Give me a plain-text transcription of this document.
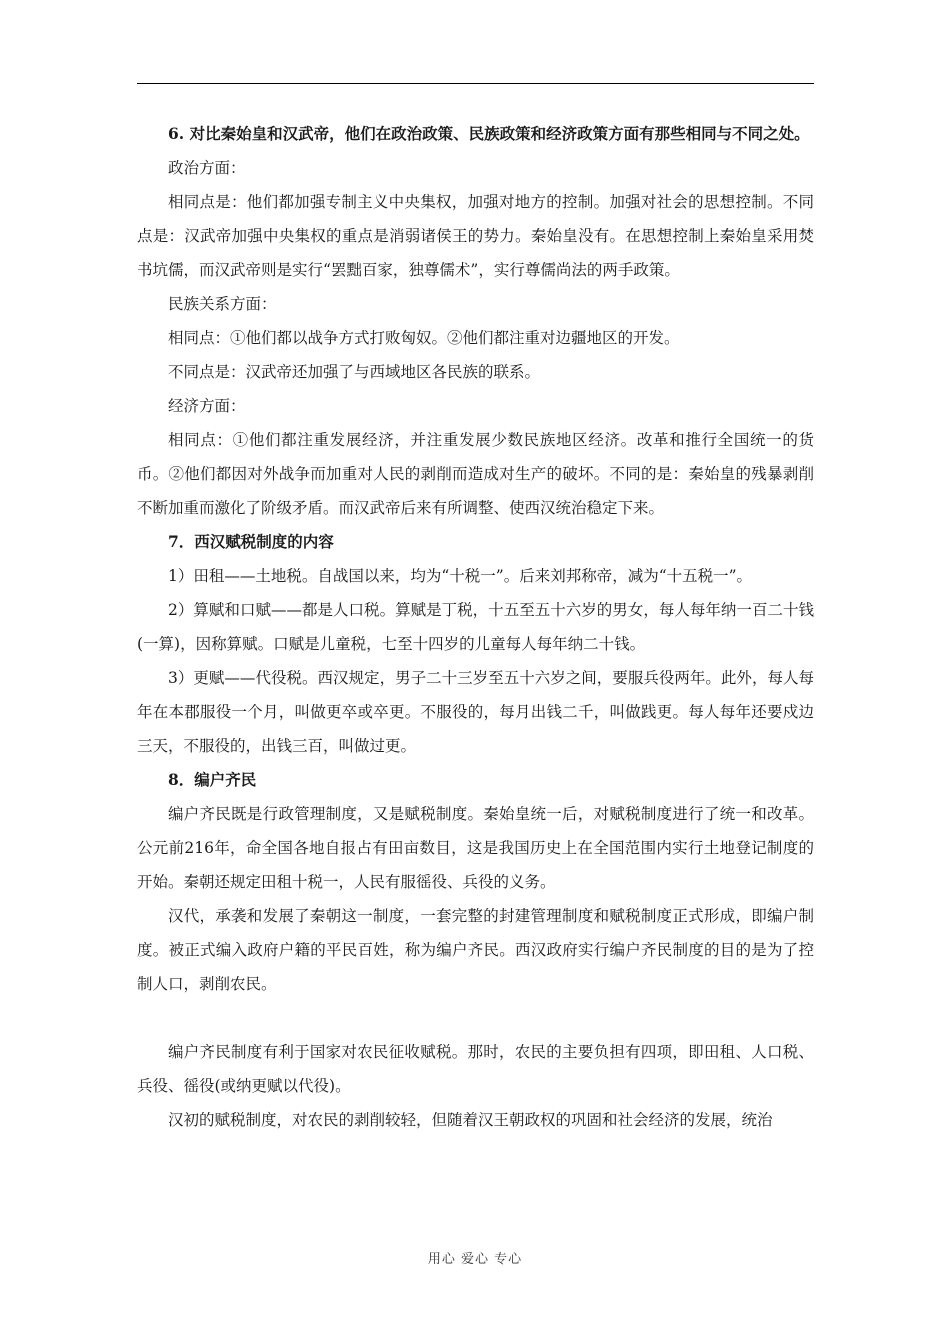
6. 对比秦始皇和汉武帝，他们在政治政策、民族政策和经济政策方面有那些相同与不同之处。

政治方面：

相同点是：他们都加强专制主义中央集权，加强对地方的控制。加强对社会的思想控制。不同点是：汉武帝加强中央集权的重点是消弱诸侯王的势力。秦始皇没有。在思想控制上秦始皇采用焚书坑儒，而汉武帝则是实行“罢黜百家，独尊儒术”，实行尊儒尚法的两手政策。

民族关系方面：

相同点：①他们都以战争方式打败匈奴。②他们都注重对边疆地区的开发。

不同点是：汉武帝还加强了与西域地区各民族的联系。

经济方面：

相同点：①他们都注重发展经济，并注重发展少数民族地区经济。改革和推行全国统一的货币。②他们都因对外战争而加重对人民的剥削而造成对生产的破坏。不同的是：秦始皇的残暴剥削不断加重而激化了阶级矛盾。而汉武帝后来有所调整、使西汉统治稳定下来。

7．西汉赋税制度的内容

1）田租——土地税。自战国以来，均为“十税一”。后来刘邦称帝，减为“十五税一”。

2）算赋和口赋——都是人口税。算赋是丁税，十五至五十六岁的男女，每人每年纳一百二十钱(一算)，因称算赋。口赋是儿童税，七至十四岁的儿童每人每年纳二十钱。

3）更赋——代役税。西汉规定，男子二十三岁至五十六岁之间，要服兵役两年。此外，每人每年在本郡服役一个月，叫做更卒或卒更。不服役的，每月出钱二千，叫做践更。每人每年还要戍边三天，不服役的，出钱三百，叫做过更。

8．编户齐民

编户齐民既是行政管理制度，又是赋税制度。秦始皇统一后，对赋税制度进行了统一和改革。公元前216年，命全国各地自报占有田亩数目，这是我国历史上在全国范围内实行土地登记制度的开始。秦朝还规定田租十税一，人民有服徭役、兵役的义务。

汉代，承袭和发展了秦朝这一制度，一套完整的封建管理制度和赋税制度正式形成，即编户制度。被正式编入政府户籍的平民百姓，称为编户齐民。西汉政府实行编户齐民制度的目的是为了控制人口，剥削农民。

编户齐民制度有利于国家对农民征收赋税。那时，农民的主要负担有四项，即田租、人口税、兵役、徭役(或纳更赋以代役)。

汉初的赋税制度，对农民的剥削较轻，但随着汉王朝政权的巩固和社会经济的发展，统治

用心 爱心 专心
